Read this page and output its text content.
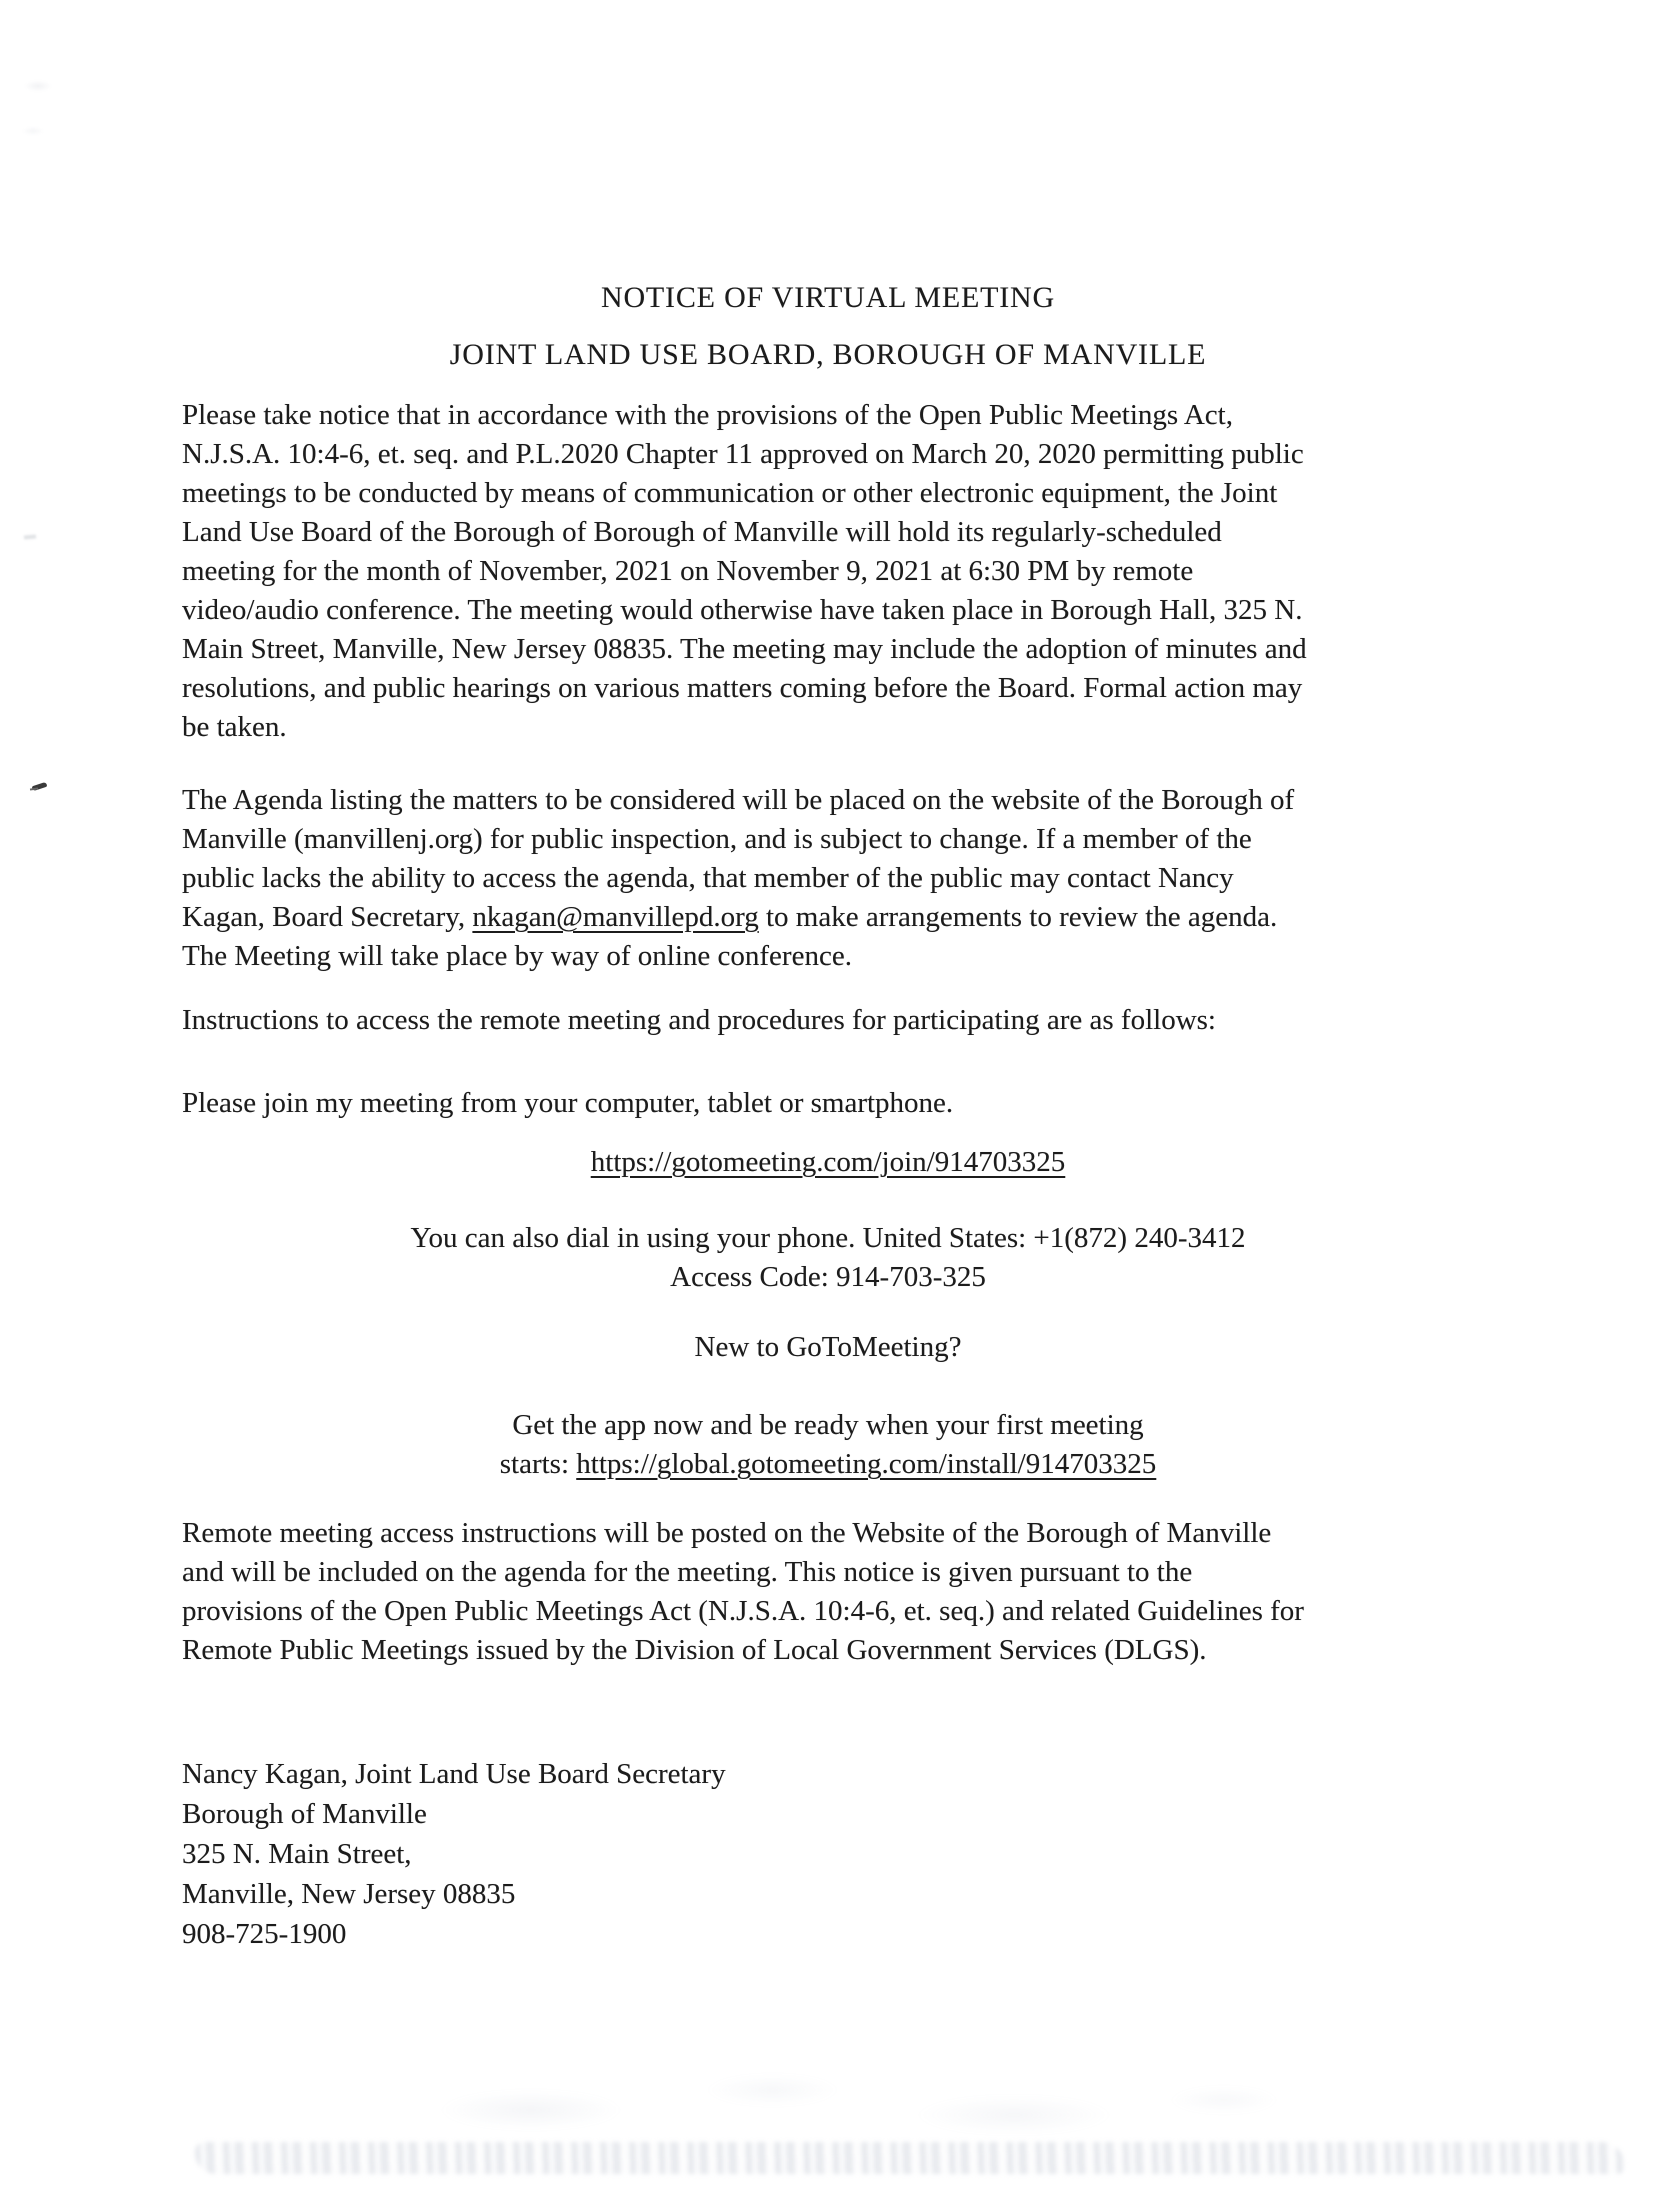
NOTICE OF VIRTUAL MEETING
JOINT LAND USE BOARD, BOROUGH OF MANVILLE
Please take notice that in accordance with the provisions of the Open Public Meetings Act,
N.J.S.A. 10:4-6, et. seq. and P.L.2020 Chapter 11 approved on March 20, 2020 permitting public
meetings to be conducted by means of communication or other electronic equipment, the Joint
Land Use Board of the Borough of Borough of Manville will hold its regularly-scheduled
meeting for the month of November, 2021 on November 9, 2021 at 6:30 PM by remote
video/audio conference. The meeting would otherwise have taken place in Borough Hall, 325 N.
Main Street, Manville, New Jersey 08835. The meeting may include the adoption of minutes and
resolutions, and public hearings on various matters coming before the Board. Formal action may
be taken.
The Agenda listing the matters to be considered will be placed on the website of the Borough of
Manville (manvillenj.org) for public inspection, and is subject to change. If a member of the
public lacks the ability to access the agenda, that member of the public may contact Nancy
Kagan, Board Secretary, nkagan@manvillepd.org to make arrangements to review the agenda.
The Meeting will take place by way of online conference.
Instructions to access the remote meeting and procedures for participating are as follows:
Please join my meeting from your computer, tablet or smartphone.
https://gotomeeting.com/join/914703325
You can also dial in using your phone. United States: +1(872) 240-3412
Access Code: 914-703-325
New to GoToMeeting?
Get the app now and be ready when your first meeting
starts: https://global.gotomeeting.com/install/914703325
Remote meeting access instructions will be posted on the Website of the Borough of Manville
and will be included on the agenda for the meeting. This notice is given pursuant to the
provisions of the Open Public Meetings Act (N.J.S.A. 10:4-6, et. seq.) and related Guidelines for
Remote Public Meetings issued by the Division of Local Government Services (DLGS).
Nancy Kagan, Joint Land Use Board Secretary
Borough of Manville
325 N. Main Street,
Manville, New Jersey 08835
908-725-1900
